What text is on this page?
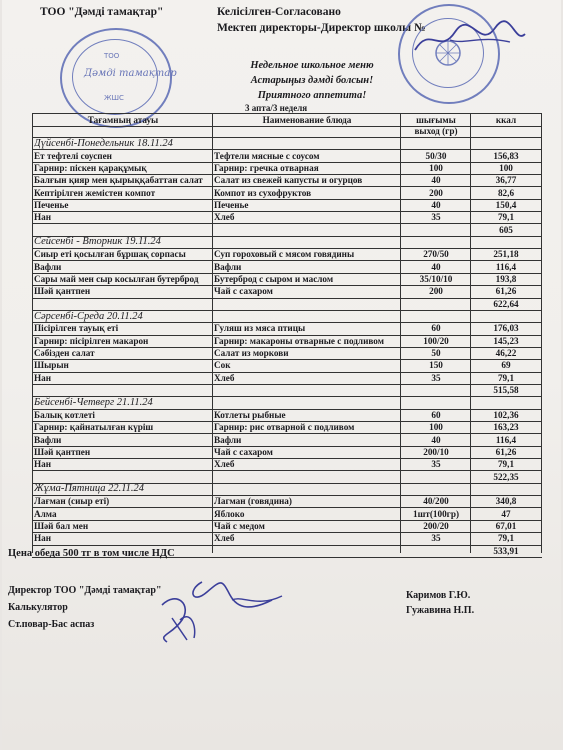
ТОО "Дәмді тамақтар"	Келісілген-Согласовано
Мектеп директоры-Директор школы №
Недельное школьное меню
Астарыңыз дәмді болсын!
Приятного аппетита!
3 апта/3 неделя
ТОО
Дәмді тамақтар
ЖШС
Тағамның атауы	Наименование блюда	шығымы	ккал
выход (гр)
Дүйсенбі-Понедельник 18.11.24
Ет тефтелі соуспен	Тефтели мясные с соусом	50/30	156,83
Гарнир: піскен қарақұмық	Гарнир: гречка отварная	100	100
Балғын қияр мен қырыққабаттан салат	Салат из свежей капусты и огурцов	40	36,77
Кептірілген жемістен компот	Компот из сухофруктов	200	82,6
Печенье	Печенье	40	150,4
Нан	Хлеб	35	79,1
605
Сейсенбі - Вторник 19.11.24
Сиыр еті қосылған бұршақ сорпасы	Суп гороховый с мясом говядины	270/50	251,18
Вафли	Вафли	40	116,4
Сары май мен сыр косылған бутерброд	Бутерброд с сыром и маслом	35/10/10	193,8
Шәй қантпен	Чай с сахаром	200	61,26
622,64
Сәрсенбі-Среда 20.11.24
Пісірілген тауық еті	Гуляш из мяса птицы	60	176,03
Гарнир: пісірілген макарон	Гарнир: макароны отварные с подливом	100/20	145,23
Сәбізден салат	Салат из моркови	50	46,22
Шырын	Сок	150	69
Нан	Хлеб	35	79,1
515,58
Бейсенбі-Четверг 21.11.24
Балық котлеті	Котлеты рыбные	60	102,36
Гарнир: қайнатылған күріш	Гарнир: рис отварной с подливом	100	163,23
Вафли	Вафли	40	116,4
Шәй қантпен	Чай с сахаром	200/10	61,26
Нан	Хлеб	35	79,1
522,35
Жұма-Пятница 22.11.24
Лағман (сиыр еті)	Лагман (говядина)	40/200	340,8
Алма	Яблоко	1шт(100гр)	47
Шәй бал мен	Чай с медом	200/20	67,01
Нан	Хлеб	35	79,1
533,91
Цена обеда 500 тг в том числе НДС
Директор ТОО "Дәмді тамақтар"
Калькулятор
Ст.повар-Бас аспаз
Каримов Г.Ю.
Гужавина Н.П.
